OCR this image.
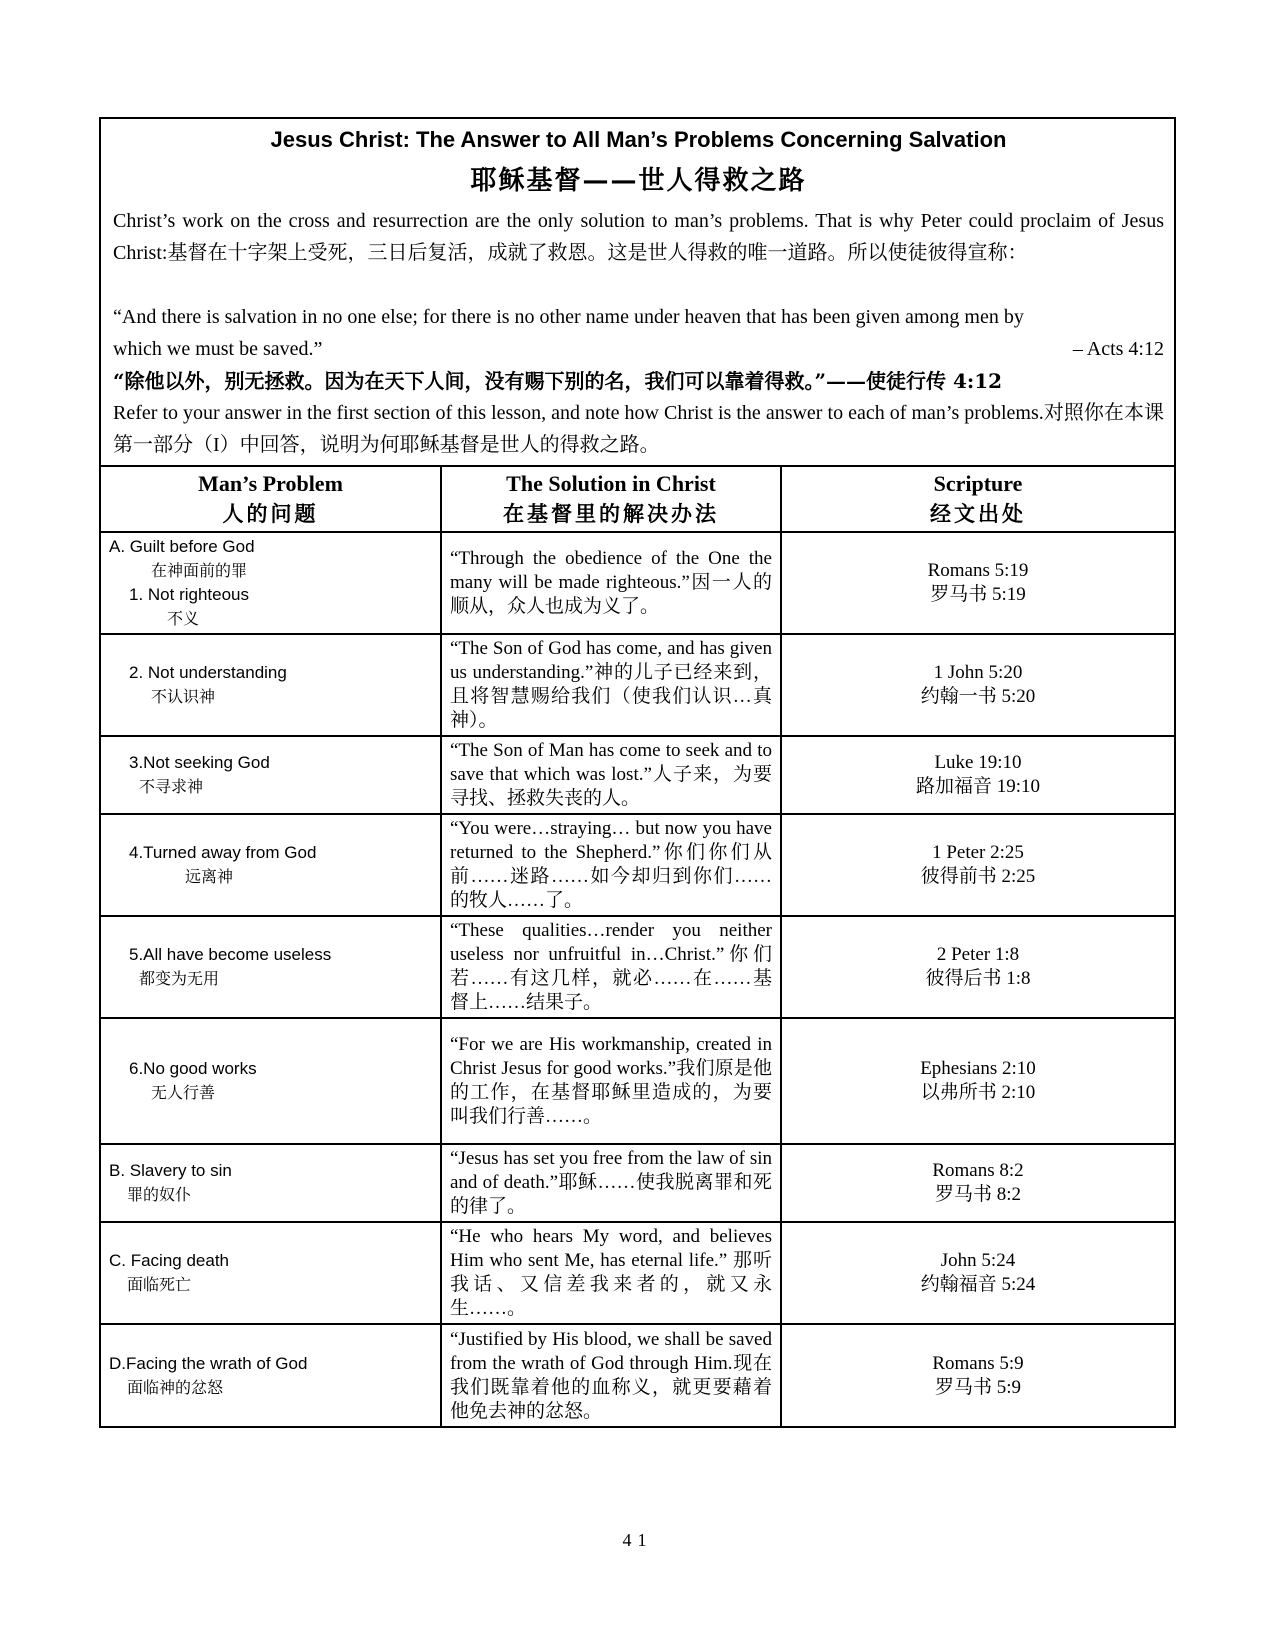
Jesus Christ: The Answer to All Man’s Problems Concerning Salvation
耶稣基督——世人得救之路

Christ’s work on the cross and resurrection are the only solution to man’s problems. That is why Peter could proclaim of Jesus Christ:基督在十字架上受死，三日后复活，成就了救恩。这是世人得救的唯一道路。所以使徒彼得宣称：

“And there is salvation in no one else; for there is no other name under heaven that has been given among men by

which we must be saved.”	– Acts 4:12

“除他以外，别无拯救。因为在天下人间，没有赐下别的名，我们可以靠着得救。”——使徒行传 4:12

Refer to your answer in the first section of this lesson, and note how Christ is the answer to each of man’s problems.对照你在本课第一部分（I）中回答，说明为何耶稣基督是世人的得救之路。

Man’s Problem
人的问题	The Solution in Christ
在基督里的解决办法	Scripture
经文出处

A. Guilt before God
在神面前的罪
1. Not righteous
不义	“Through the obedience of the One the many will be made righteous.”因一人的顺从，众人也成为义了。	Romans 5:19
罗马书 5:19

2. Not understanding
不认识神	“The Son of God has come, and has given us understanding.”神的儿子已经来到，且将智慧赐给我们（使我们认识…真神）。	1 John 5:20
约翰一书 5:20

3.Not seeking God
不寻求神	“The Son of Man has come to seek and to save that which was lost.”人子来，为要寻找、拯救失丧的人。	Luke 19:10
路加福音 19:10

4.Turned away from God
远离神	“You were…straying… but now you have returned to the Shepherd.”你们你们从前……迷路……如今却归到你们……的牧人……了。	1 Peter 2:25
彼得前书 2:25

5.All have become useless
都变为无用	“These qualities…render you neither useless nor unfruitful in…Christ.”你们若……有这几样，就必……在……基督上……结果子。	2 Peter 1:8
彼得后书 1:8

6.No good works
无人行善	“For we are His workmanship, created in Christ Jesus for good works.”我们原是他的工作，在基督耶稣里造成的，为要叫我们行善……。	Ephesians 2:10
以弗所书 2:10

B. Slavery to sin
罪的奴仆	“Jesus has set you free from the law of sin and of death.”耶稣……使我脱离罪和死的律了。	Romans 8:2
罗马书 8:2

C. Facing death
面临死亡	“He who hears My word, and believes Him who sent Me, has eternal life.” 那听我话、又信差我来者的，就又永生……。	John 5:24
约翰福音 5:24

D.Facing the wrath of God
面临神的忿怒	“Justified by His blood, we shall be saved from the wrath of God through Him.现在我们既靠着他的血称义，就更要藉着他免去神的忿怒。	Romans 5:9
罗马书 5:9
41
